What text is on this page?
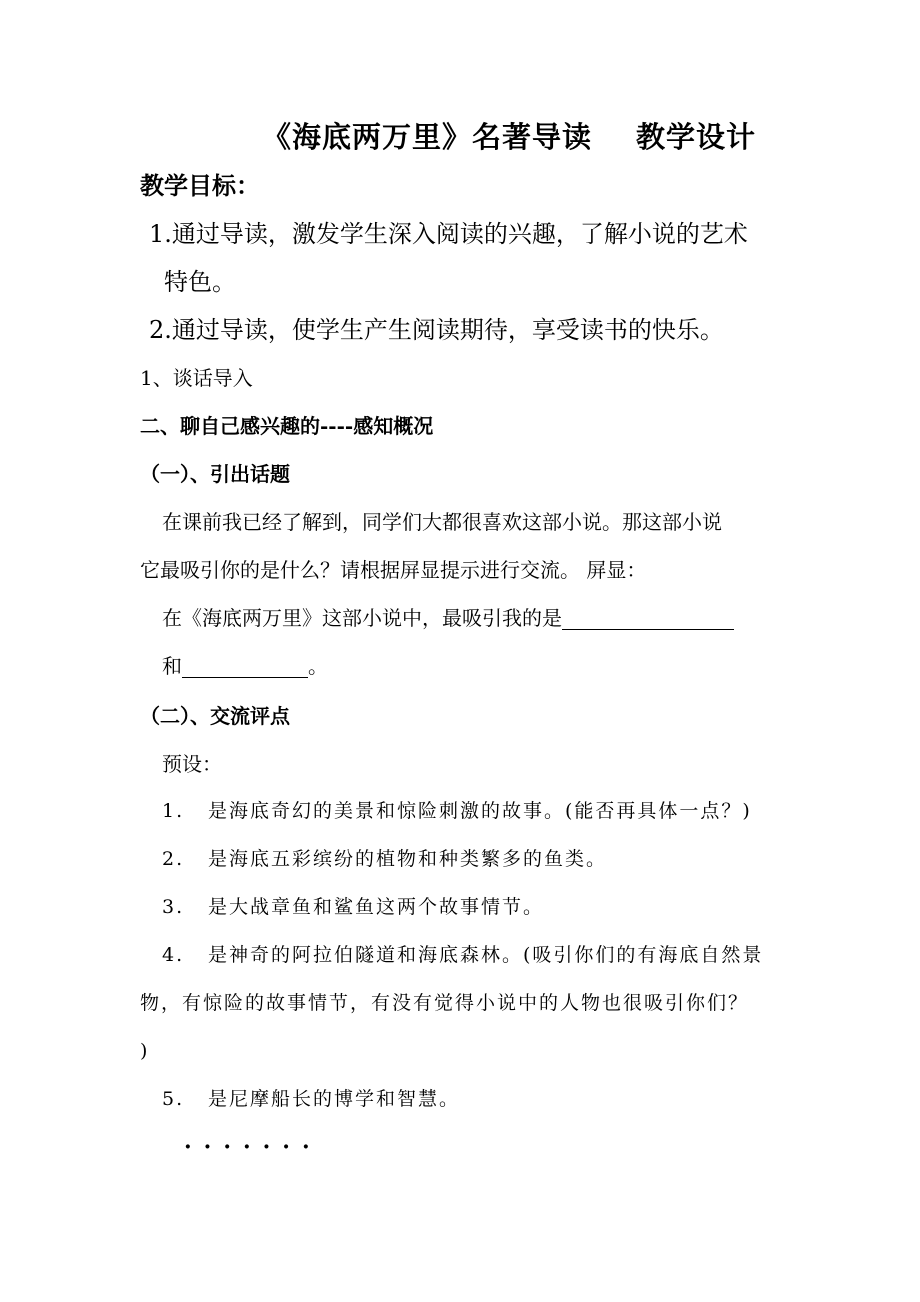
《海底两万里》名著导读 教学设计
教学目标：
1.通过导读，激发学生深入阅读的兴趣，了解小说的艺术
特色。
2.通过导读，使学生产生阅读期待，享受读书的快乐。
1、谈话导入
二、聊自己感兴趣的----感知概况
（一）、引出话题
在课前我已经了解到，同学们大都很喜欢这部小说。那这部小说
它最吸引你的是什么？请根据屏显提示进行交流。 屏显：
在《海底两万里》这部小说中，最吸引我的是
和	。
（二）、交流评点
预设：
1. 是海底奇幻的美景和惊险刺激的故事。(能否再具体一点？)
2. 是海底五彩缤纷的植物和种类繁多的鱼类。
3. 是大战章鱼和鲨鱼这两个故事情节。
4. 是神奇的阿拉伯隧道和海底森林。(吸引你们的有海底自然景
物，有惊险的故事情节，有没有觉得小说中的人物也很吸引你们？
)
5. 是尼摩船长的博学和智慧。
·······
